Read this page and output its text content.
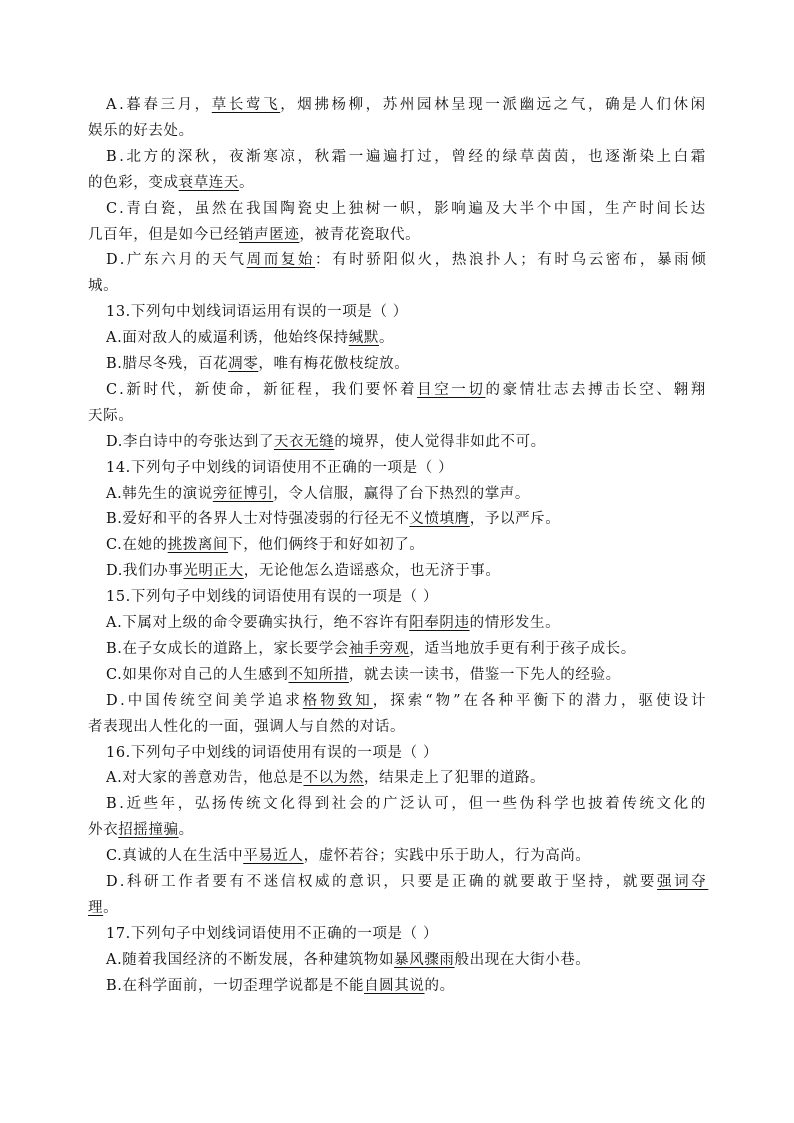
A.暮春三月，草长莺飞，烟拂杨柳，苏州园林呈现一派幽远之气，确是人们休闲
娱乐的好去处。
B.北方的深秋，夜渐寒凉，秋霜一遍遍打过，曾经的绿草茵茵，也逐渐染上白霜
的色彩，变成衰草连天。
C.青白瓷，虽然在我国陶瓷史上独树一帜，影响遍及大半个中国，生产时间长达
几百年，但是如今已经销声匿迹，被青花瓷取代。
D.广东六月的天气周而复始：有时骄阳似火，热浪扑人；有时乌云密布，暴雨倾
城。
13.下列句中划线词语运用有误的一项是（ ）
A.面对敌人的威逼利诱，他始终保持缄默。
B.腊尽冬残，百花凋零，唯有梅花傲枝绽放。
C.新时代，新使命，新征程，我们要怀着目空一切的豪情壮志去搏击长空、翱翔
天际。
D.李白诗中的夸张达到了天衣无缝的境界，使人觉得非如此不可。
14.下列句子中划线的词语使用不正确的一项是（ ）
A.韩先生的演说旁征博引，令人信服，赢得了台下热烈的掌声。
B.爱好和平的各界人士对恃强凌弱的行径无不义愤填膺，予以严斥。
C.在她的挑拨离间下，他们俩终于和好如初了。
D.我们办事光明正大，无论他怎么造谣惑众，也无济于事。
15.下列句子中划线的词语使用有误的一项是（ ）
A.下属对上级的命令要确实执行，绝不容许有阳奉阴违的情形发生。
B.在子女成长的道路上，家长要学会袖手旁观，适当地放手更有利于孩子成长。
C.如果你对自己的人生感到不知所措，就去读一读书，借鉴一下先人的经验。
D.中国传统空间美学追求格物致知，探索“物”在各种平衡下的潜力，驱使设计
者表现出人性化的一面，强调人与自然的对话。
16.下列句子中划线的词语使用有误的一项是（ ）
A.对大家的善意劝告，他总是不以为然，结果走上了犯罪的道路。
B.近些年，弘扬传统文化得到社会的广泛认可，但一些伪科学也披着传统文化的
外衣招摇撞骗。
C.真诚的人在生活中平易近人，虚怀若谷；实践中乐于助人，行为高尚。
D.科研工作者要有不迷信权威的意识，只要是正确的就要敢于坚持，就要强词夺
理。
17.下列句子中划线词语使用不正确的一项是（ ）
A.随着我国经济的不断发展，各种建筑物如暴风骤雨般出现在大街小巷。
B.在科学面前，一切歪理学说都是不能自圆其说的。
